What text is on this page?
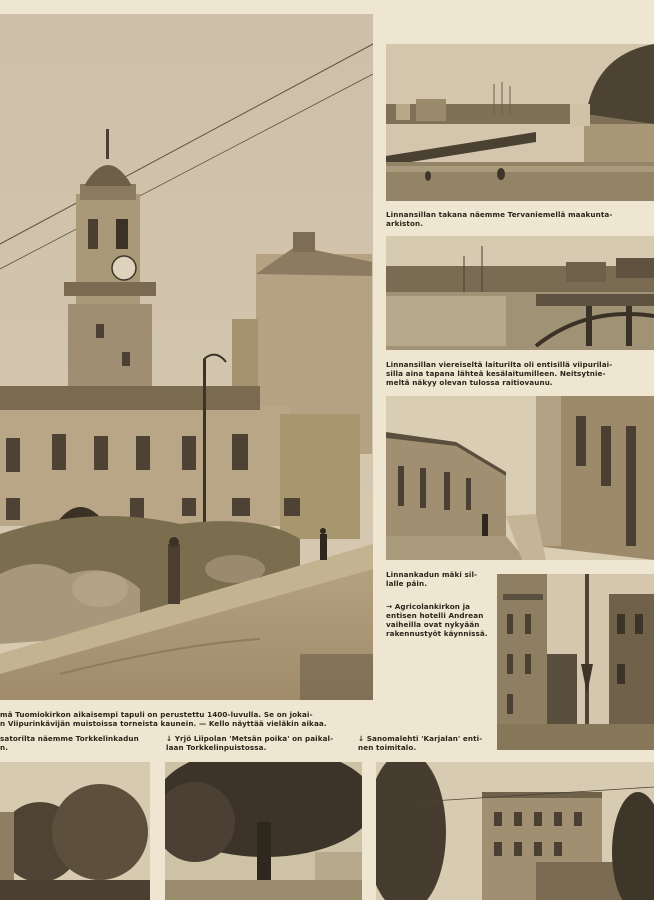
Linnansillan takana näemme Tervaniemellä maakunta-
arkiston.
Linnansillan viereiseltä laiturilta oli entisillä viipurilai-
silla aina tapana lähteä kesälaitumilleen. Neitsytnie-
meltä näkyy olevan tulossa raitiovaunu.
Linnankadun mäki sil-
lalle päin.
→ Agricolankirkon ja
entisen hotelli Andrean
vaiheilla ovat nykyään
rakennustyöt käynnissä.
mä Tuomiokirkon aikaisempi tapuli on perustettu 1400-luvulla. Se on jokai-
n Viipurinkävijän muistoissa torneista kaunein. — Kello näyttää vieläkin aikaa.
satorilta näemme Torkkelinkadun
n.
↓ Yrjö Liipolan 'Metsän poika' on paikal-
laan Torkkelinpuistossa.
↓ Sanomalehti 'Karjalan' enti-
nen toimitalo.
